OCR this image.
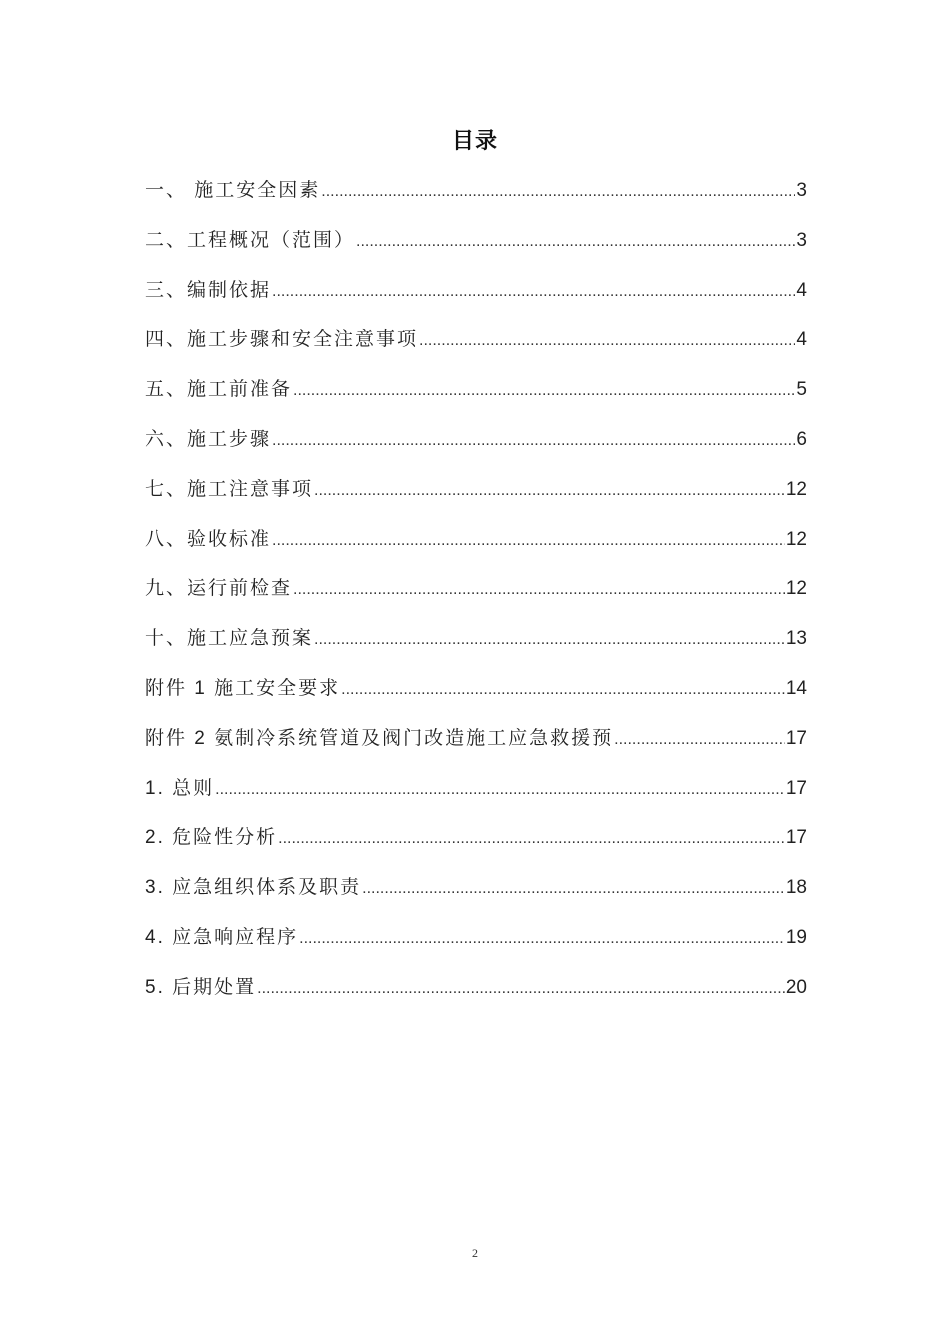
目录
一、 施工安全因素 .....	3
二、工程概况（范围） .....	3
三、编制依据 .....	4
四、施工步骤和安全注意事项 .....	4
五、施工前准备 .....	5
六、施工步骤 .....	6
七、施工注意事项 .....	12
八、验收标准 .....	12
九、运行前检查 .....	12
十、施工应急预案 .....	13
附件 1 施工安全要求 .....	14
附件 2 氨制冷系统管道及阀门改造施工应急救援预 .....	17
1. 总则 .....	17
2. 危险性分析 .....	17
3. 应急组织体系及职责 .....	18
4. 应急响应程序 .....	19
5. 后期处置 .....	20
2
